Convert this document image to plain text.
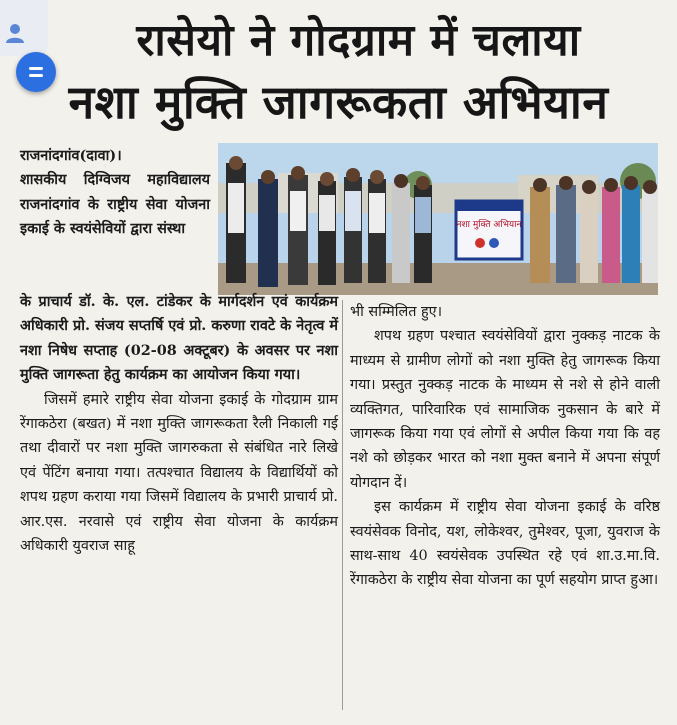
रासेयो ने गोदग्राम में चलाया
नशा मुक्ति जागरूकता अभियान
नशा मुक्ति अभियान

राजनांदगांव(दावा)।

शासकीय दिग्विजय महाविद्यालय राजनांदगांव के राष्ट्रीय सेवा योजना इकाई के स्वयंसेवियों द्वारा संस्था

के प्राचार्य डॉ. के. एल. टांडेकर के मार्गदर्शन एवं कार्यक्रम अधिकारी प्रो. संजय सप्तर्षि एवं प्रो. करुणा रावटे के नेतृत्व में नशा निषेध सप्ताह (02-08 अक्टूबर) के अवसर पर नशा मुक्ति जागरूता हेतु कार्यक्रम का आयोजन किया गया।

जिसमें हमारे राष्ट्रीय सेवा योजना इकाई के गोदग्राम ग्राम रेंगाकठेरा (बखत) में नशा मुक्ति जागरूकता रैली निकाली गई तथा दीवारों पर नशा मुक्ति जागरुकता से संबंधित नारे लिखे एवं पेंटिंग बनाया गया। तत्पश्चात विद्यालय के विद्यार्थियों को शपथ ग्रहण कराया गया जिसमें विद्यालय के प्रभारी प्राचार्य प्रो. आर.एस. नरवासे एवं राष्ट्रीय सेवा योजना के कार्यक्रम अधिकारी युवराज साहू

भी सम्मिलित हुए।

शपथ ग्रहण पश्चात स्वयंसेवियों द्वारा नुक्कड़ नाटक के माध्यम से ग्रामीण लोगों को नशा मुक्ति हेतु जागरूक किया गया। प्रस्तुत नुक्कड़ नाटक के माध्यम से नशे से होने वाली व्यक्तिगत, पारिवारिक एवं सामाजिक नुकसान के बारे में जागरूक किया गया एवं लोगों से अपील किया गया कि वह नशे को छोड़कर भारत को नशा मुक्त बनाने में अपना संपूर्ण योगदान दें।

इस कार्यक्रम में राष्ट्रीय सेवा योजना इकाई के वरिष्ठ स्वयंसेवक विनोद, यश, लोकेश्वर, तुमेश्वर, पूजा, युवराज के साथ-साथ 40 स्वयंसेवक उपस्थित रहे एवं शा.उ.मा.वि. रेंगाकठेरा के राष्ट्रीय सेवा योजना का पूर्ण सहयोग प्राप्त हुआ।
